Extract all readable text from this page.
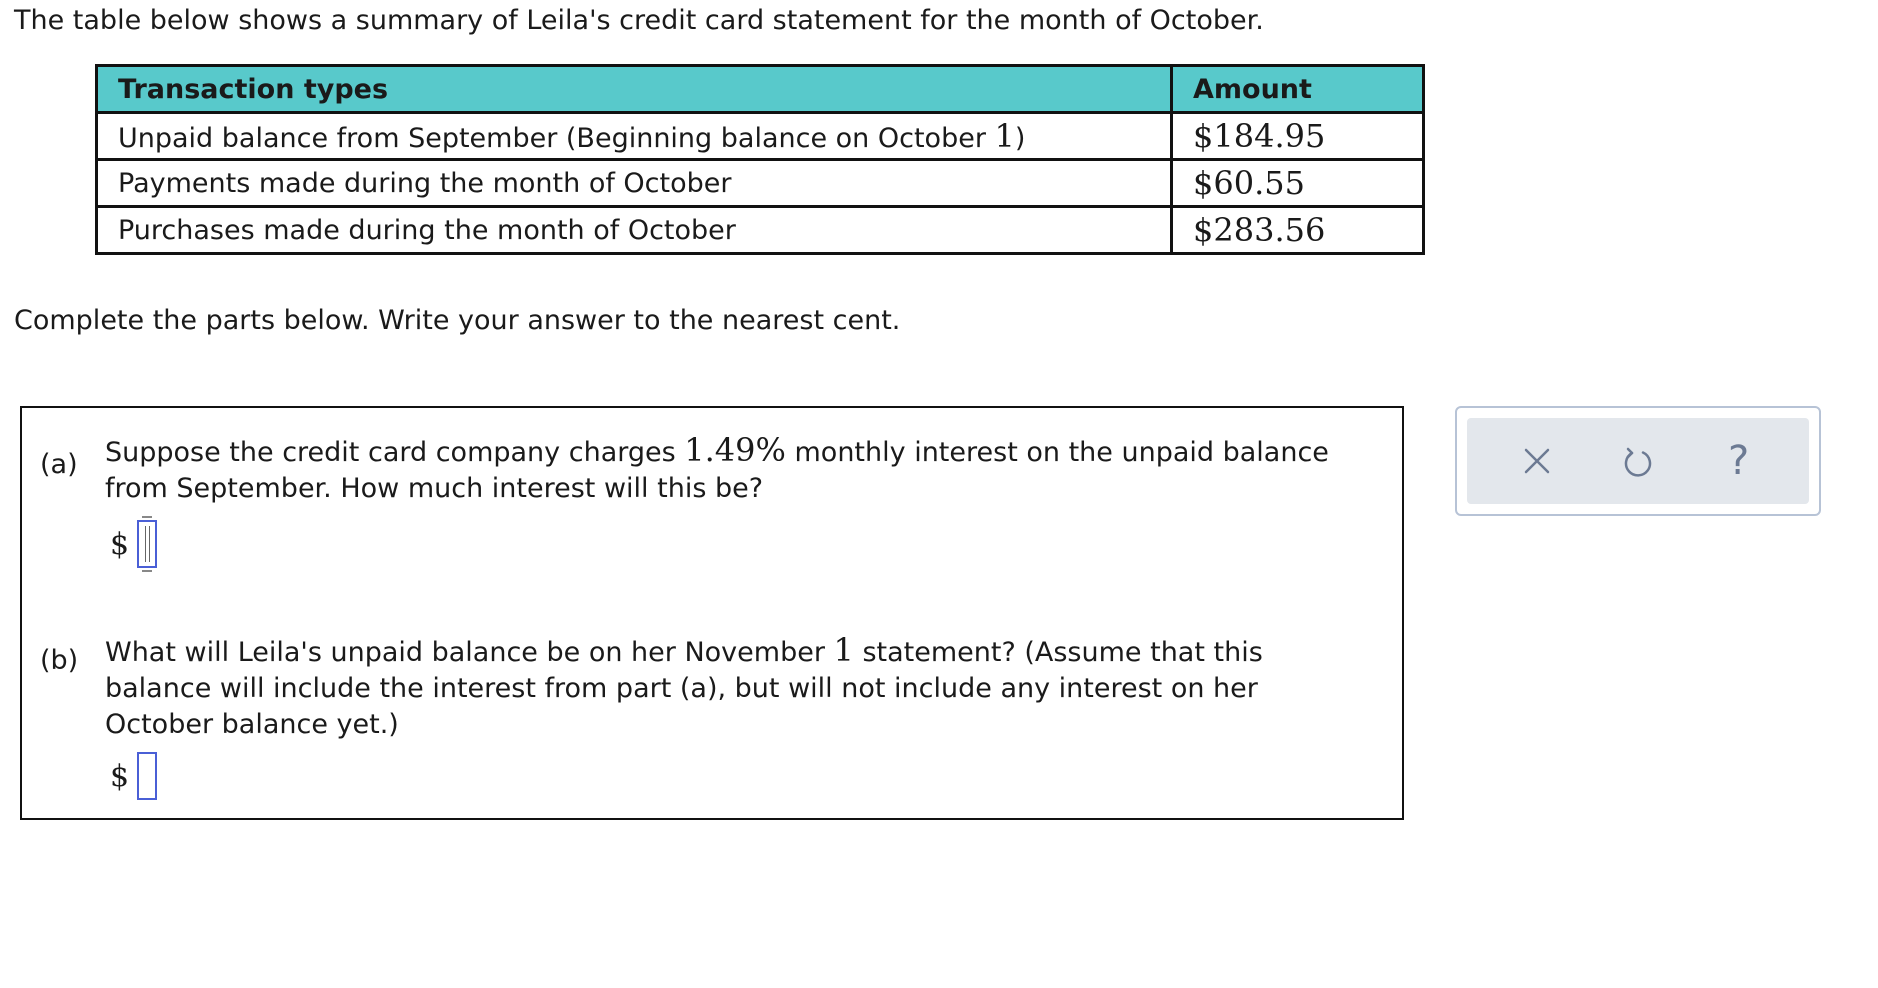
The table below shows a summary of Leila's credit card statement for the month of October.
Transaction types	Amount
Unpaid balance from September (Beginning balance on October 1)	$184.95
Payments made during the month of October	$60.55
Purchases made during the month of October	$283.56
Complete the parts below. Write your answer to the nearest cent.
(a) Suppose the credit card company charges 1.49% monthly interest on the unpaid balance
from September. How much interest will this be?
$
(b) What will Leila's unpaid balance be on her November 1 statement? (Assume that this
balance will include the interest from part (a), but will not include any interest on her
October balance yet.)
$
?
